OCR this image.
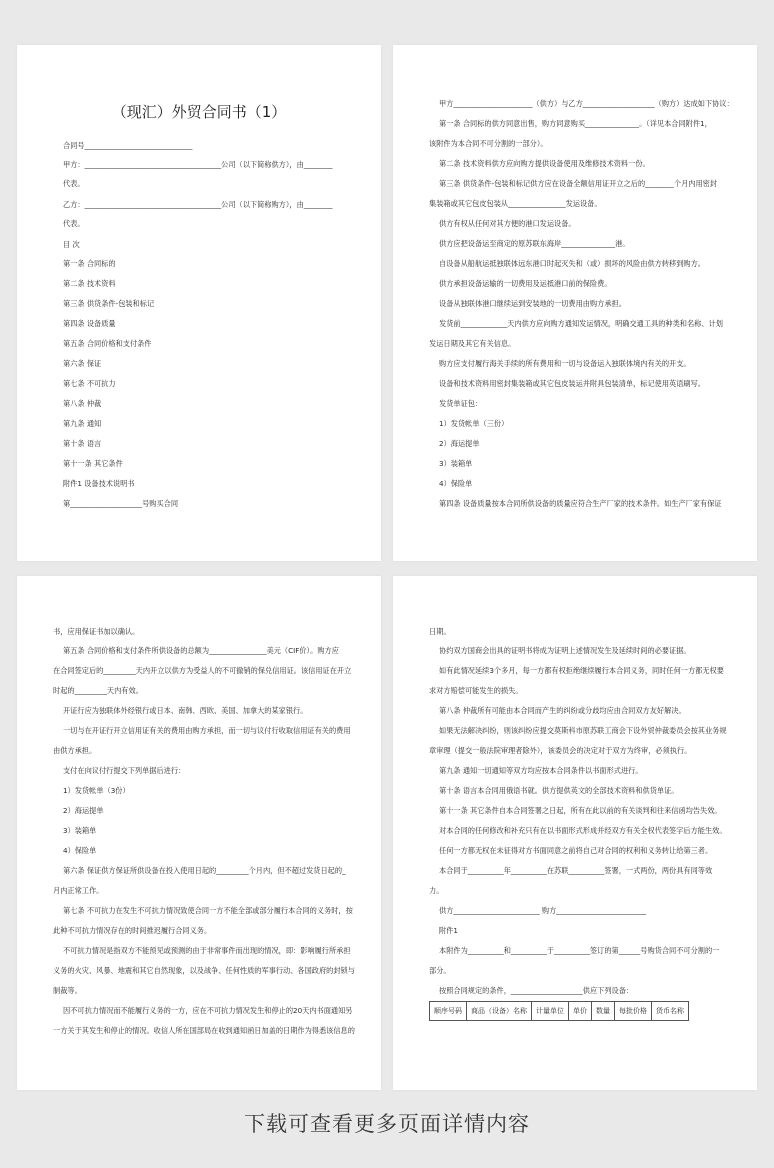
（现汇）外贸合同书（1）
合同号______________________________
甲方：______________________________________公司（以下简称供方），由________
代表。
乙方：______________________________________公司（以下简称购方），由________
代表。
目 次
第一条 合同标的
第二条 技术资料
第三条 供货条件-包装和标记
第四条 设备质量
第五条 合同价格和支付条件
第六条 保证
第七条 不可抗力
第八条 仲裁
第九条 通知
第十条 语言
第十一条 其它条件
附件1 设备技术说明书
第____________________号购买合同
甲方______________________（供方）与乙方____________________（购方）达成如下协议：
第一条 合同标的供方同意出售，购方同意购买_______________。（详见本合同附件1，
该附件为本合同不可分割的一部分）。
第二条 技术资料供方应向购方提供设备使用及维修技术资料一份。
第三条 供货条件-包装和标记供方应在设备全额信用证开立之后的________个月内用密封
集装箱或其它包皮包装从________________发运设备。
供方有权从任何对其方便的港口发运设备。
供方应把设备运至商定的原苏联东海岸_______________港。
自设备从船航运抵独联体远东港口时起灭失和（或）损坏的风险由供方转移到购方。
供方承担设备运输的一切费用及运抵港口前的保险费。
设备从独联体港口继续运到安装地的一切费用由购方承担。
发货前_____________天内供方应向购方通知发运情况，明确交通工具的种类和名称、计划
发运日期及其它有关信息。
购方应支付履行海关手续的所有费用和一切与设备运入独联体境内有关的开支。
设备和技术资料用密封集装箱或其它包皮装运并附具包装清单，标记使用英语刷写。
发货单证包：
1）发货帐单（三份）
2）海运提单
3）装箱单
4）保险单
第四条 设备质量按本合同所供设备的质量应符合生产厂家的技术条件。如生产厂家有保证
书，应用保证书加以确认。
第五条 合同价格和支付条件所供设备的总额为________________美元（CIF价）。购方应
在合同签定后的_________天内开立以供方为受益人的不可撤销的保兑信用证。该信用证在开立
时起的_________天内有效。
开证行应为独联体外经银行或日本、南韩、西欧、美国、加拿大的某家银行。
一切与在开证行开立信用证有关的费用由购方承担，而一切与议付行收取信用证有关的费用
由供方承担。
支付在向议付行提交下列单据后进行：
1）发货帐单（3份）
2）海运提单
3）装箱单
4）保险单
第六条 保证供方保证所供设备在投入使用日起的_________个月内，但不超过发货日起的_
月内正常工作。
第七条 不可抗力在发生不可抗力情况致使合同一方不能全部或部分履行本合同的义务时，按
此种不可抗力情况存在的时间推迟履行合同义务。
不可抗力情况是指双方不能预见或预测的由于非常事件而出现的情况，即：影响履行所承担
义务的火灾、风暴、地震和其它自然现象，以及战争、任何性质的军事行动、各国政府的封锁与
制裁等。
因不可抗力情况而不能履行义务的一方，应在不可抗力情况发生和停止的20天内书面通知另
一方关于其发生和停止的情况。收信人所在国部局在收到通知函日加盖的日期作为得悉该信息的
日期。
协约双方国商会出具的证明书将成为证明上述情况发生及延续时间的必要证据。
如有此情况延续3个多月，每一方都有权拒绝继续履行本合同义务，同时任何一方都无权要
求对方赔偿可能发生的损失。
第八条 仲裁所有可能由本合同而产生的纠纷或分歧均应由合同双方友好解决。
如果无法解决纠纷，则该纠纷应提交莫斯科市原苏联工商会下设外贸仲裁委员会按其业务规
章审理（提交一般法院审理者除外），该委员会的决定对于双方为终审，必须执行。
第九条 通知一切通知等双方均应按本合同条件以书面形式进行。
第十条 语言本合同用俄语书就。供方提供英文的全部技术资料和供货单证。
第十一条 其它条件自本合同签署之日起，所有在此以前的有关谈判和往来信函均告失效。
对本合同的任何修改和补充只有在以书面形式形成并经双方有关全权代表签字后方能生效。
任何一方都无权在未征得对方书面同意之前将自己对合同的权利和义务转让给第三者。
本合同于__________年__________在苏联__________签署，一式两份，两份具有同等效
力。
供方________________________ 购方_________________________
附件1
本附件为__________和__________于__________签订的第______号购货合同不可分割的一
部分。
按照合同规定的条件，____________________供应下列设备：
顺序号码	商品（设备）名称	计量单位	单价	数量	每批价格	货币名称
下载可查看更多页面详情内容
